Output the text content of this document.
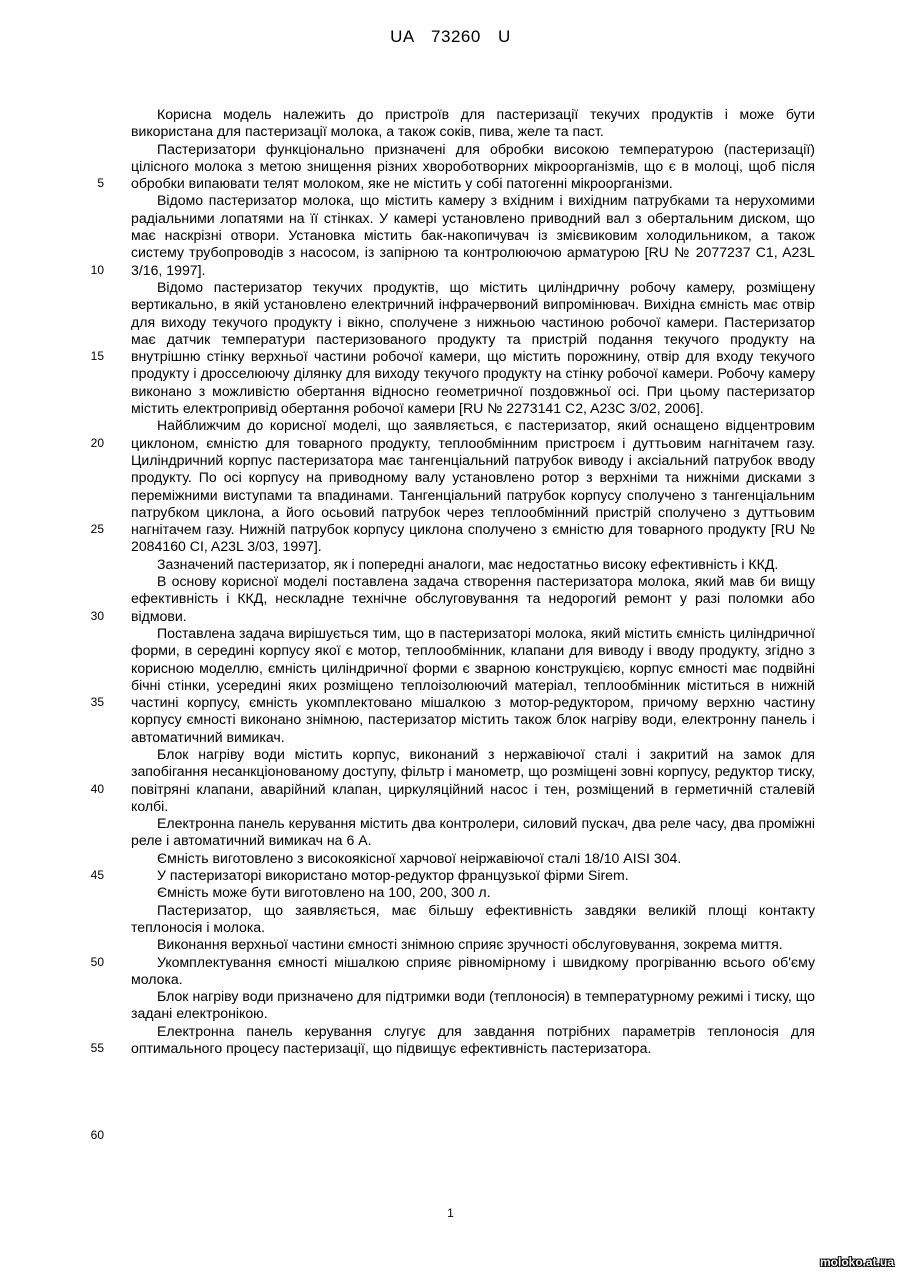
UA 73260 U
5
10
15
20
25
30
35
40
45
50
55
60

Корисна модель належить до пристроїв для пастеризації текучих продуктів і може бути використана для пастеризації молока, а також соків, пива, желе та паст.

Пастеризатори функціонально призначені для обробки високою температурою (пастеризації) цілісного молока з метою знищення різних хвороботворних мікроорганізмів, що є в молоці, щоб після обробки випаювати телят молоком, яке не містить у собі патогенні мікроорганізми.

Відомо пастеризатор молока, що містить камеру з вхідним і вихідним патрубками та нерухомими радіальними лопатями на її стінках. У камері установлено приводний вал з обертальним диском, що має наскрізні отвори. Установка містить бак-накопичувач із змієвиковим холодильником, а також систему трубопроводів з насосом, із запірною та контролюючою арматурою [RU № 2077237 C1, A23L 3/16, 1997].

Відомо пастеризатор текучих продуктів, що містить циліндричну робочу камеру, розміщену вертикально, в якій установлено електричний інфрачервоний випромінювач. Вихідна ємність має отвір для виходу текучого продукту і вікно, сполучене з нижньою частиною робочої камери. Пастеризатор має датчик температури пастеризованого продукту та пристрій подання текучого продукту на внутрішню стінку верхньої частини робочої камери, що містить порожнину, отвір для входу текучого продукту і дросселюючу ділянку для виходу текучого продукту на стінку робочої камери. Робочу камеру виконано з можливістю обертання відносно геометричної поздовжньої осі. При цьому пастеризатор містить електропривід обертання робочої камери [RU № 2273141 C2, A23C 3/02, 2006].

Найближчим до корисної моделі, що заявляється, є пастеризатор, який оснащено відцентровим циклоном, ємністю для товарного продукту, теплообмінним пристроєм і дуттьовим нагнітачем газу. Циліндричний корпус пастеризатора має тангенціальний патрубок виводу і аксіальний патрубок вводу продукту. По осі корпусу на приводному валу установлено ротор з верхніми та нижніми дисками з переміжними виступами та впадинами. Тангенціальний патрубок корпусу сполучено з тангенціальним патрубком циклона, а його осьовий патрубок через теплообмінний пристрій сполучено з дуттьовим нагнітачем газу. Нижній патрубок корпусу циклона сполучено з ємністю для товарного продукту [RU № 2084160 CI, A23L 3/03, 1997].

Зазначений пастеризатор, як і попередні аналоги, має недостатньо високу ефективність і ККД.

В основу корисної моделі поставлена задача створення пастеризатора молока, який мав би вищу ефективність і ККД, нескладне технічне обслуговування та недорогий ремонт у разі поломки або відмови.

Поставлена задача вирішується тим, що в пастеризаторі молока, який містить ємність циліндричної форми, в середині корпусу якої є мотор, теплообмінник, клапани для виводу і вводу продукту, згідно з корисною моделлю, ємність циліндричної форми є зварною конструкцією, корпус ємності має подвійні бічні стінки, усередині яких розміщено теплоізолюючий матеріал, теплообмінник міститься в нижній частині корпусу, ємність укомплектовано мішалкою з мотор-редуктором, причому верхню частину корпусу ємності виконано знімною, пастеризатор містить також блок нагріву води, електронну панель і автоматичний вимикач.

Блок нагріву води містить корпус, виконаний з нержавіючої сталі і закритий на замок для запобігання несанкціонованому доступу, фільтр і манометр, що розміщені зовні корпусу, редуктор тиску, повітряні клапани, аварійний клапан, циркуляційний насос і тен, розміщений в герметичній сталевій колбі.

Електронна панель керування містить два контролери, силовий пускач, два реле часу, два проміжні реле і автоматичний вимикач на 6 А.

Ємність виготовлено з високоякісної харчової неіржавіючої сталі 18/10 AISI 304.

У пастеризаторі використано мотор-редуктор французької фірми Sirem.

Ємність може бути виготовлено на 100, 200, 300 л.

Пастеризатор, що заявляється, має більшу ефективність завдяки великій площі контакту теплоносія і молока.

Виконання верхньої частини ємності знімною сприяє зручності обслуговування, зокрема миття.

Укомплектування ємності мішалкою сприяє рівномірному і швидкому прогріванню всього об'єму молока.

Блок нагріву води призначено для підтримки води (теплоносія) в температурному режимі і тиску, що задані електронікою.

Електронна панель керування слугує для завдання потрібних параметрів теплоносія для оптимального процесу пастеризації, що підвищує ефективність пастеризатора.

1
moloko.at.ua
